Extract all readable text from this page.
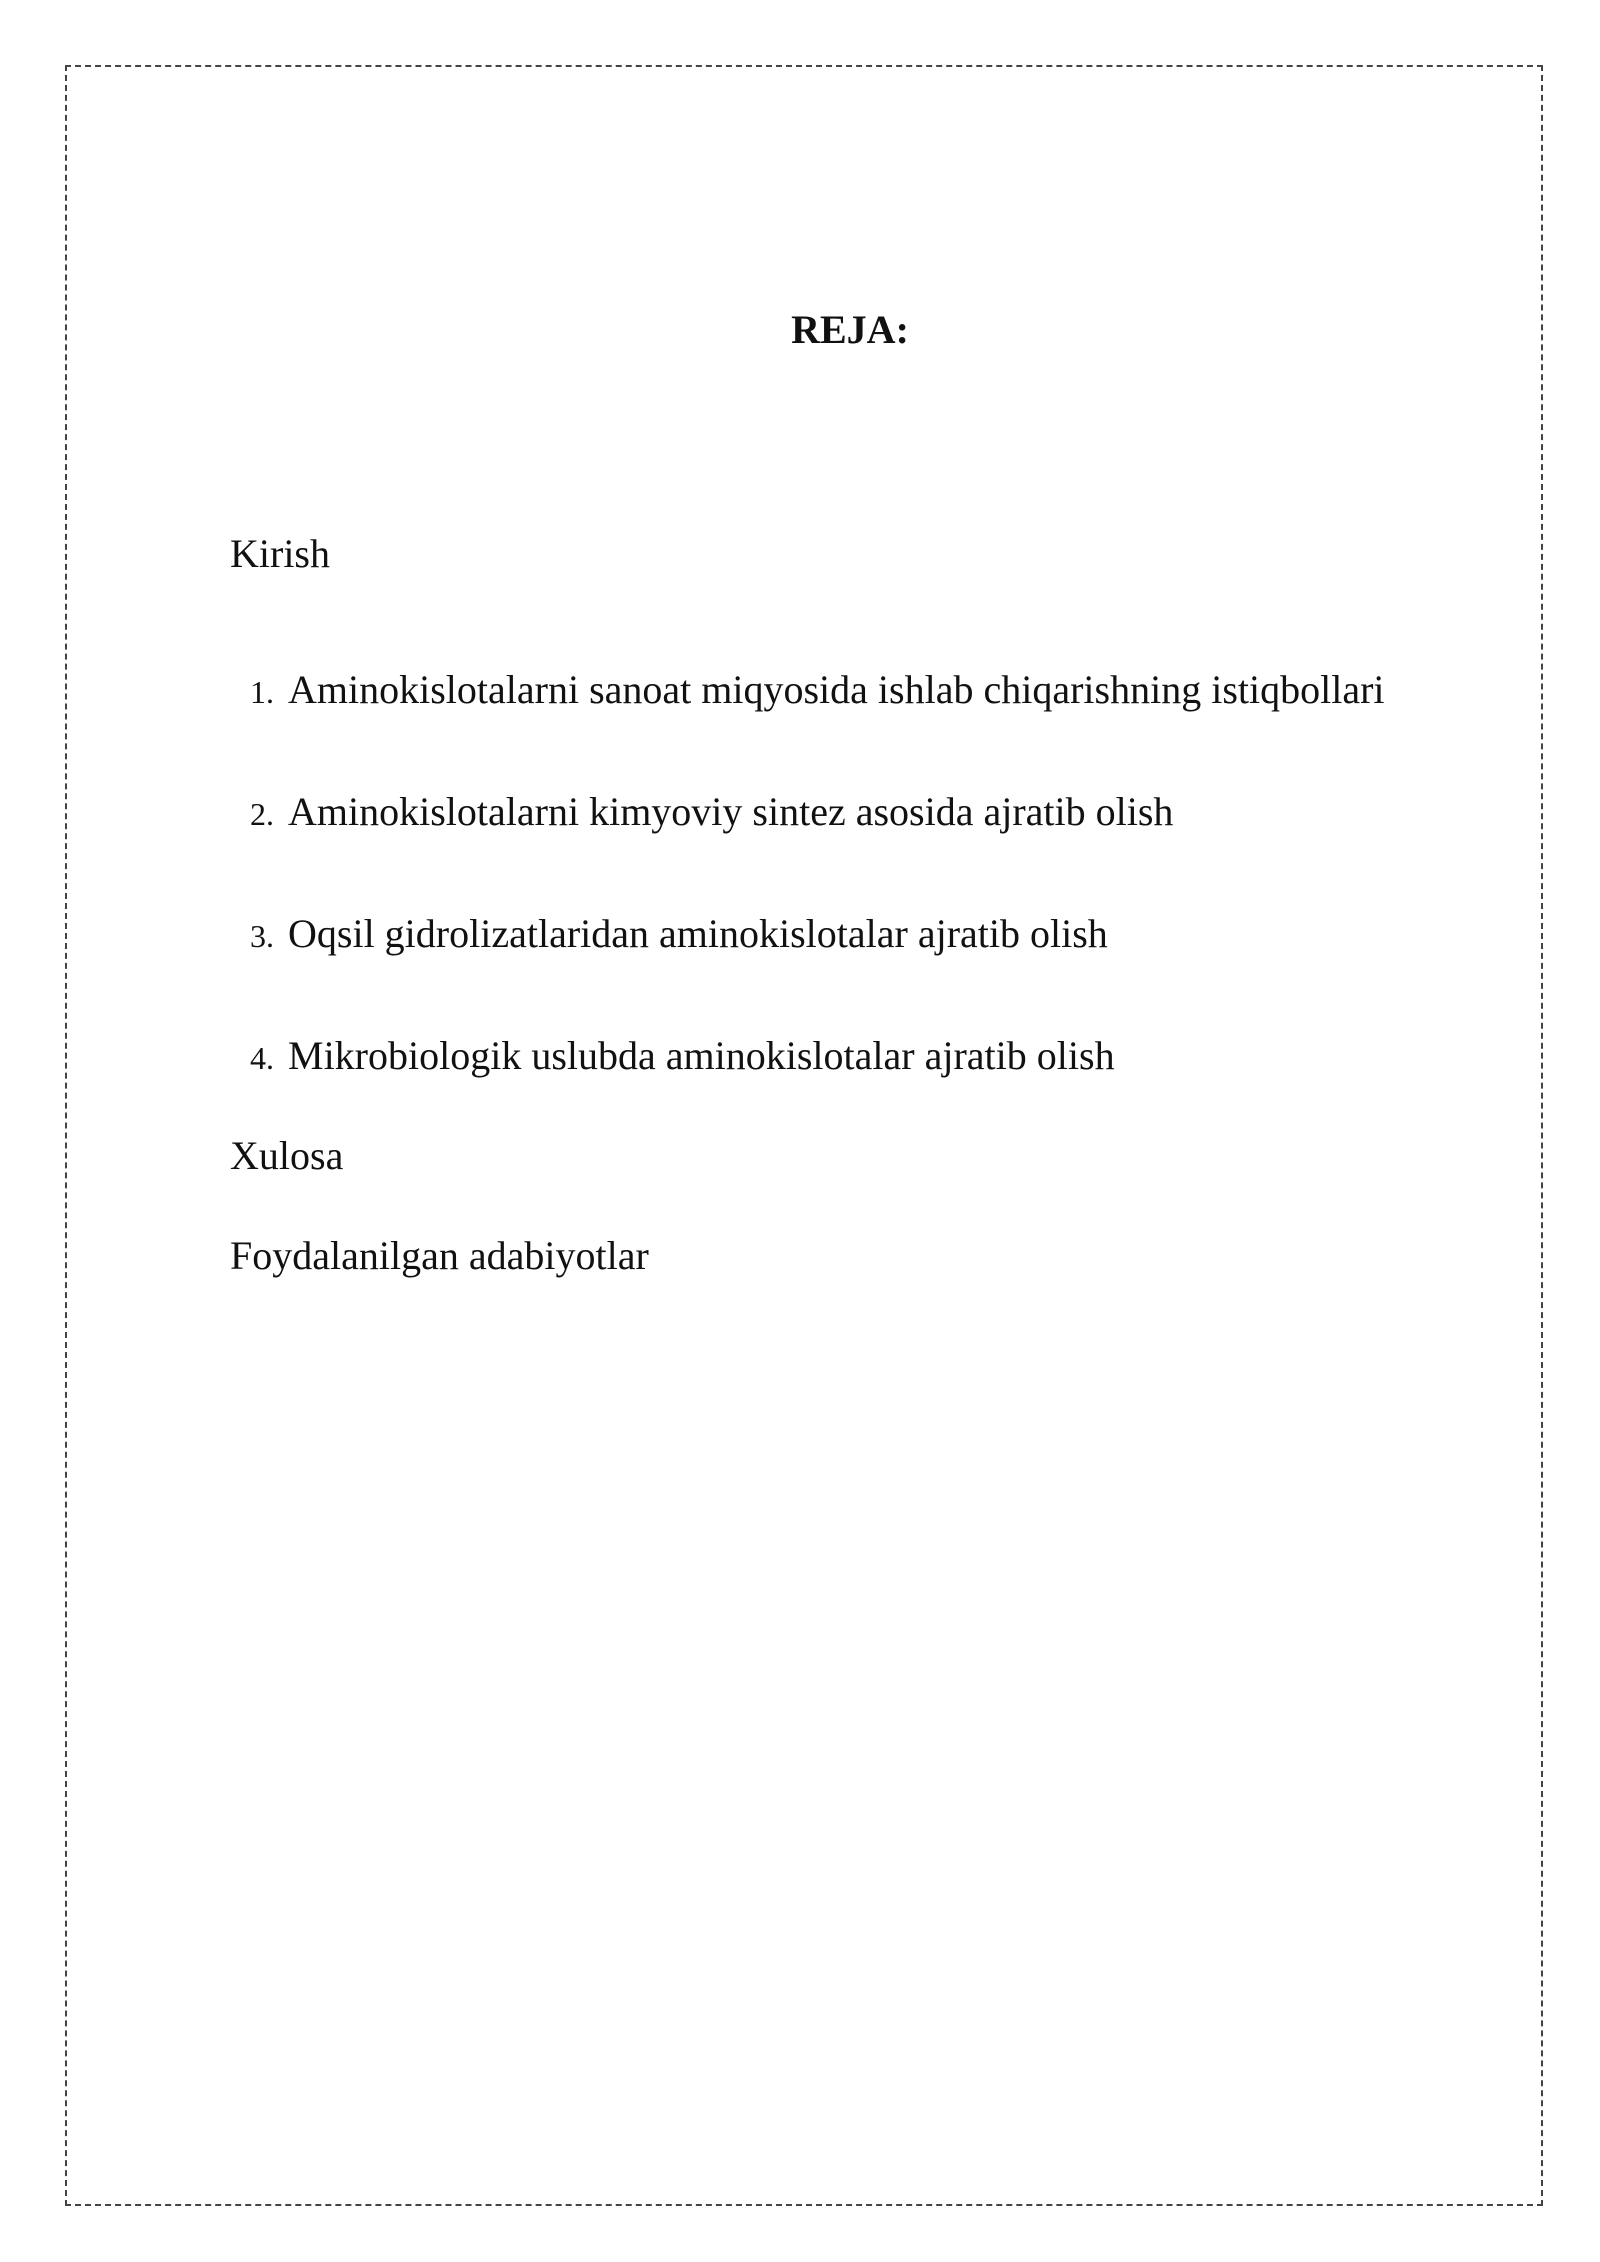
REJA:

Kirish

1. Aminokislotalarni sanoat miqyosida ishlab chiqarishning istiqbollari

2. Aminokislotalarni kimyoviy sintez asosida ajratib olish

3. Oqsil gidrolizatlaridan aminokislotalar ajratib olish

4. Mikrobiologik uslubda aminokislotalar ajratib olish

Xulosa

Foydalanilgan adabiyotlar
